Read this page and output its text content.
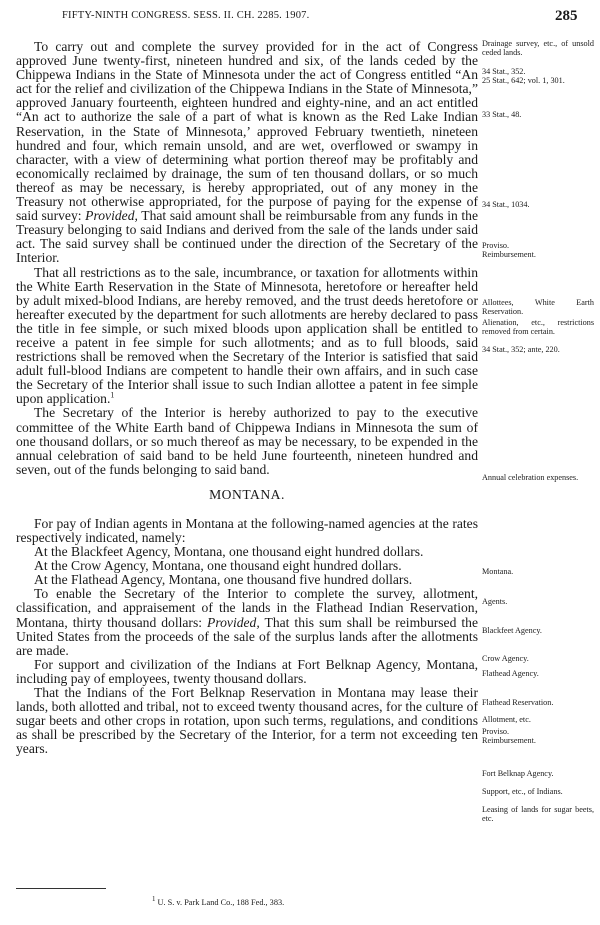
FIFTY-NINTH CONGRESS. SESS. II. CH. 2285. 1907.	285

To carry out and complete the survey provided for in the act of Congress approved June twenty-first, nineteen hundred and six, of the lands ceded by the Chippewa Indians in the State of Minnesota under the act of Congress entitled “An act for the relief and civilization of the Chippewa Indians in the State of Minnesota,” approved January fourteenth, eighteen hundred and eighty-nine, and an act entitled “An act to authorize the sale of a part of what is known as the Red Lake Indian Reservation, in the State of Minnesota,’ approved February twentieth, nineteen hundred and four, which remain unsold, and are wet, overflowed or swampy in character, with a view of determining what portion thereof may be profitably and economically reclaimed by drainage, the sum of ten thousand dollars, or so much thereof as may be necessary, is hereby appropriated, out of any money in the Treasury not otherwise appropriated, for the purpose of paying for the expense of said survey: Provided, That said amount shall be reimbursable from any funds in the Treasury belonging to said Indians and derived from the sale of the lands under said act. The said survey shall be continued under the direction of the Secretary of the Interior.

That all restrictions as to the sale, incumbrance, or taxation for allotments within the White Earth Reservation in the State of Minnesota, heretofore or hereafter held by adult mixed-blood Indians, are hereby removed, and the trust deeds heretofore or hereafter executed by the department for such allotments are hereby declared to pass the title in fee simple, or such mixed bloods upon application shall be entitled to receive a patent in fee simple for such allotments; and as to full bloods, said restrictions shall be removed when the Secretary of the Interior is satisfied that said adult full-blood Indians are competent to handle their own affairs, and in such case the Secretary of the Interior shall issue to such Indian allottee a patent in fee simple upon application.$^1$

The Secretary of the Interior is hereby authorized to pay to the executive committee of the White Earth band of Chippewa Indians in Minnesota the sum of one thousand dollars, or so much thereof as may be necessary, to be expended in the annual celebration of said band to be held June fourteenth, nineteen hundred and seven, out of the funds belonging to said band.

MONTANA.

For pay of Indian agents in Montana at the following-named agencies at the rates respectively indicated, namely:

At the Blackfeet Agency, Montana, one thousand eight hundred dollars.

At the Crow Agency, Montana, one thousand eight hundred dollars.

At the Flathead Agency, Montana, one thousand five hundred dollars.

To enable the Secretary of the Interior to complete the survey, allotment, classification, and appraisement of the lands in the Flathead Indian Reservation, Montana, thirty thousand dollars: Provided, That this sum shall be reimbursed the United States from the proceeds of the sale of the surplus lands after the allotments are made.

For support and civilization of the Indians at Fort Belknap Agency, Montana, including pay of employees, twenty thousand dollars.

That the Indians of the Fort Belknap Reservation in Montana may lease their lands, both allotted and tribal, not to exceed twenty thousand acres, for the culture of sugar beets and other crops in rotation, upon such terms, regulations, and conditions as shall be prescribed by the Secretary of the Interior, for a term not exceeding ten years.

Drainage survey, etc., of unsold ceded lands.
34 Stat., 352.
25 Stat., 642; vol. 1, 301.
33 Stat., 48.
34 Stat., 1034.
Proviso.
Reimbursement.
Allottees, White Earth Reservation.
Alienation, etc., restrictions removed from certain.
34 Stat., 352; ante, 220.
Annual celebration expenses.
Montana.
Agents.
Blackfeet Agency.
Crow Agency.
Flathead Agency.
Flathead Reservation.
Allotment, etc.
Proviso.
Reimbursement.
Fort Belknap Agency.
Support, etc., of Indians.
Leasing of lands for sugar beets, etc.
$^1$ U. S. v. Park Land Co., 188 Fed., 383.
